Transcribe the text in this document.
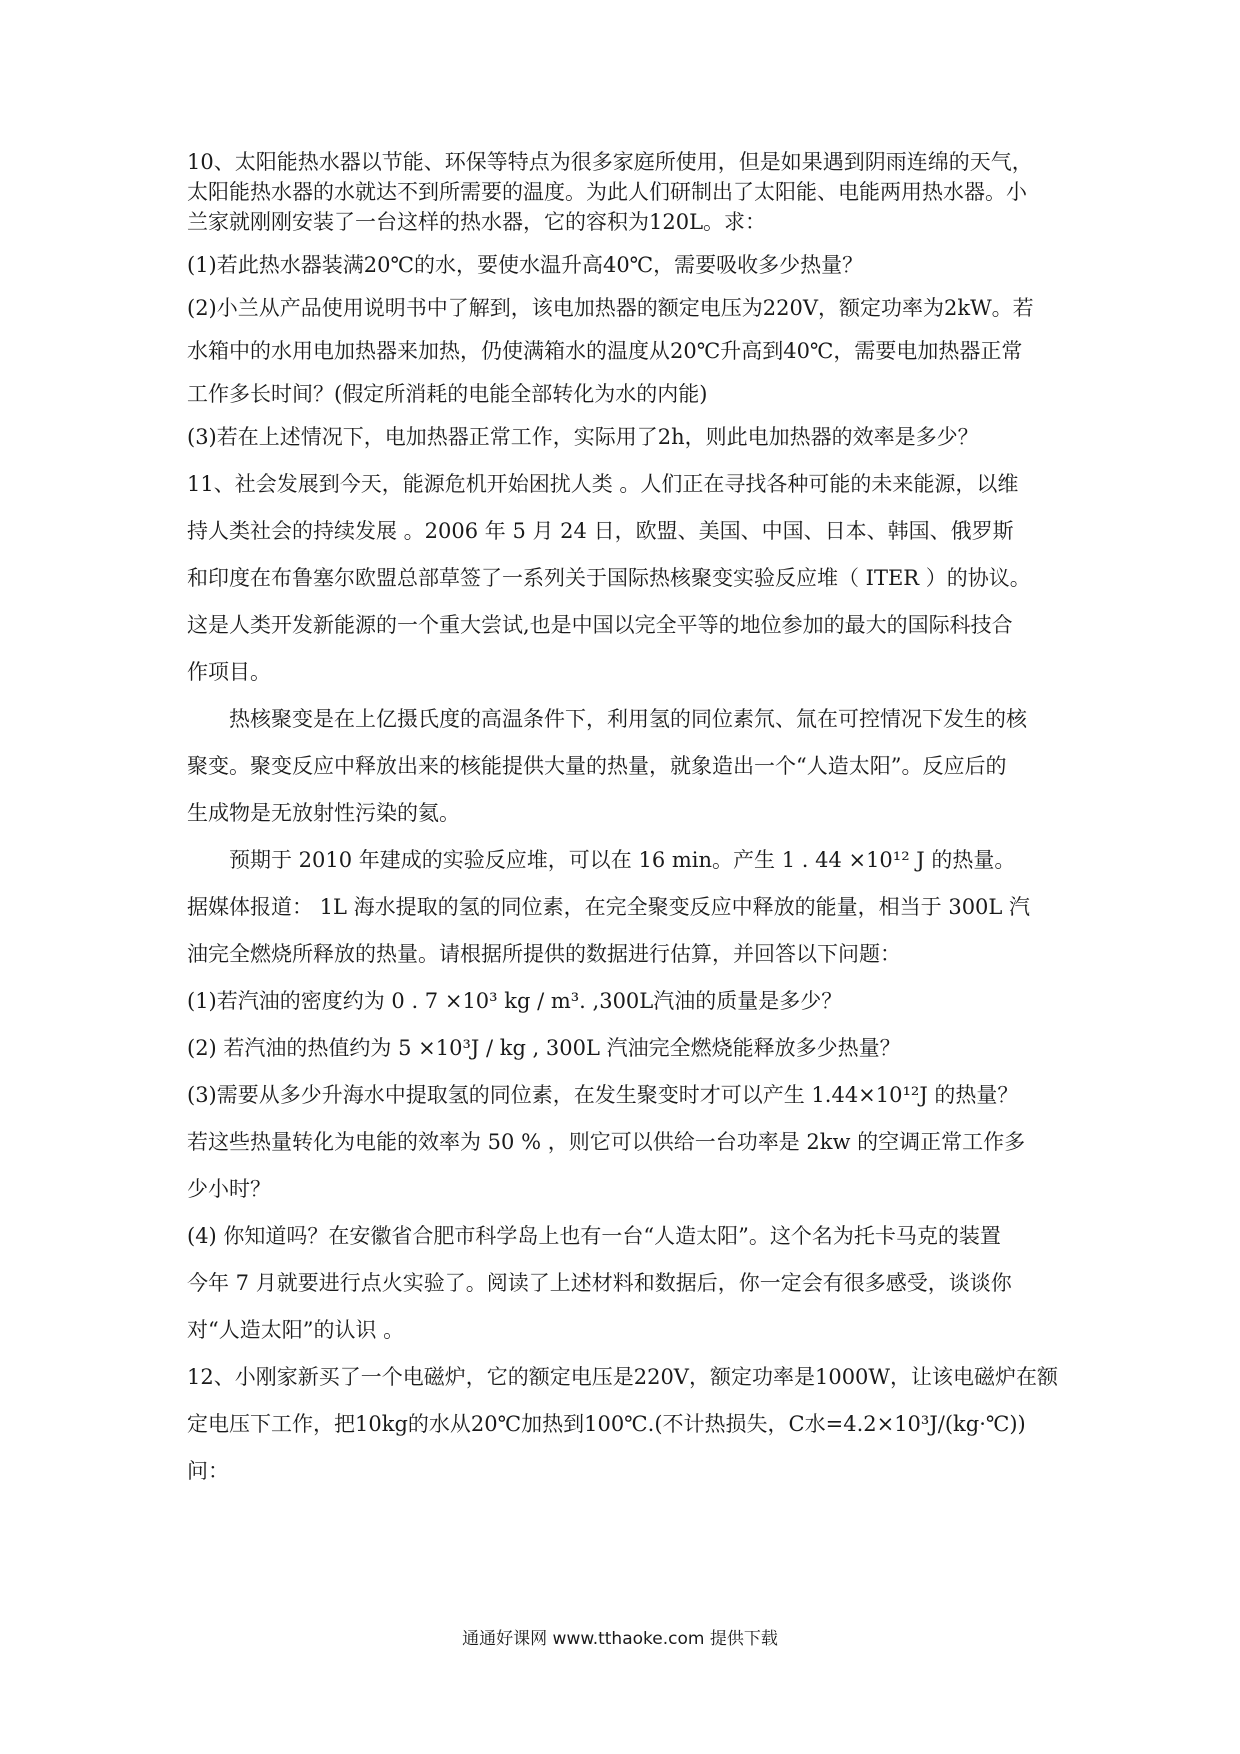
10、太阳能热水器以节能、环保等特点为很多家庭所使用，但是如果遇到阴雨连绵的天气，

太阳能热水器的水就达不到所需要的温度。为此人们研制出了太阳能、电能两用热水器。小

兰家就刚刚安装了一台这样的热水器，它的容积为120L。求：

(1)若此热水器装满20℃的水，要使水温升高40℃，需要吸收多少热量？

(2)小兰从产品使用说明书中了解到，该电加热器的额定电压为220V，额定功率为2kW。若

水箱中的水用电加热器来加热，仍使满箱水的温度从20℃升高到40℃，需要电加热器正常

工作多长时间？(假定所消耗的电能全部转化为水的内能)

(3)若在上述情况下，电加热器正常工作，实际用了2h，则此电加热器的效率是多少？

11、社会发展到今天，能源危机开始困扰人类 。人们正在寻找各种可能的未来能源，以维

持人类社会的持续发展 。2006 年 5 月 24 日，欧盟、美国、中国、日本、韩国、俄罗斯

和印度在布鲁塞尔欧盟总部草签了一系列关于国际热核聚变实验反应堆（ ITER ）的协议。

这是人类开发新能源的一个重大尝试,也是中国以完全平等的地位参加的最大的国际科技合

作项目。

热核聚变是在上亿摄氏度的高温条件下，利用氢的同位素氘、氚在可控情况下发生的核

聚变。聚变反应中释放出来的核能提供大量的热量，就象造出一个“人造太阳”。反应后的

生成物是无放射性污染的氦。

预期于 2010 年建成的实验反应堆，可以在 16 min。产生 1 . 44 ×10¹² J 的热量。

据媒体报道： 1L 海水提取的氢的同位素，在完全聚变反应中释放的能量，相当于 300L 汽

油完全燃烧所释放的热量。请根据所提供的数据进行估算，并回答以下问题：

(1)若汽油的密度约为 0 . 7 ×10³ kg / m³. ,300L汽油的质量是多少？

(2) 若汽油的热值约为 5 ×10³J / kg , 300L 汽油完全燃烧能释放多少热量？

(3)需要从多少升海水中提取氢的同位素，在发生聚变时才可以产生 1.44×10¹²J 的热量？

若这些热量转化为电能的效率为 50 % ，则它可以供给一台功率是 2kw 的空调正常工作多

少小时？

(4) 你知道吗？在安徽省合肥市科学岛上也有一台“人造太阳”。这个名为托卡马克的装置

今年 7 月就要进行点火实验了。阅读了上述材料和数据后，你一定会有很多感受，谈谈你

对“人造太阳”的认识 。

12、小刚家新买了一个电磁炉，它的额定电压是220V，额定功率是1000W，让该电磁炉在额

定电压下工作，把10kg的水从20℃加热到100℃.(不计热损失，C水=4.2×10³J/(kg·℃))

问：

通通好课网 www.tthaoke.com 提供下载
